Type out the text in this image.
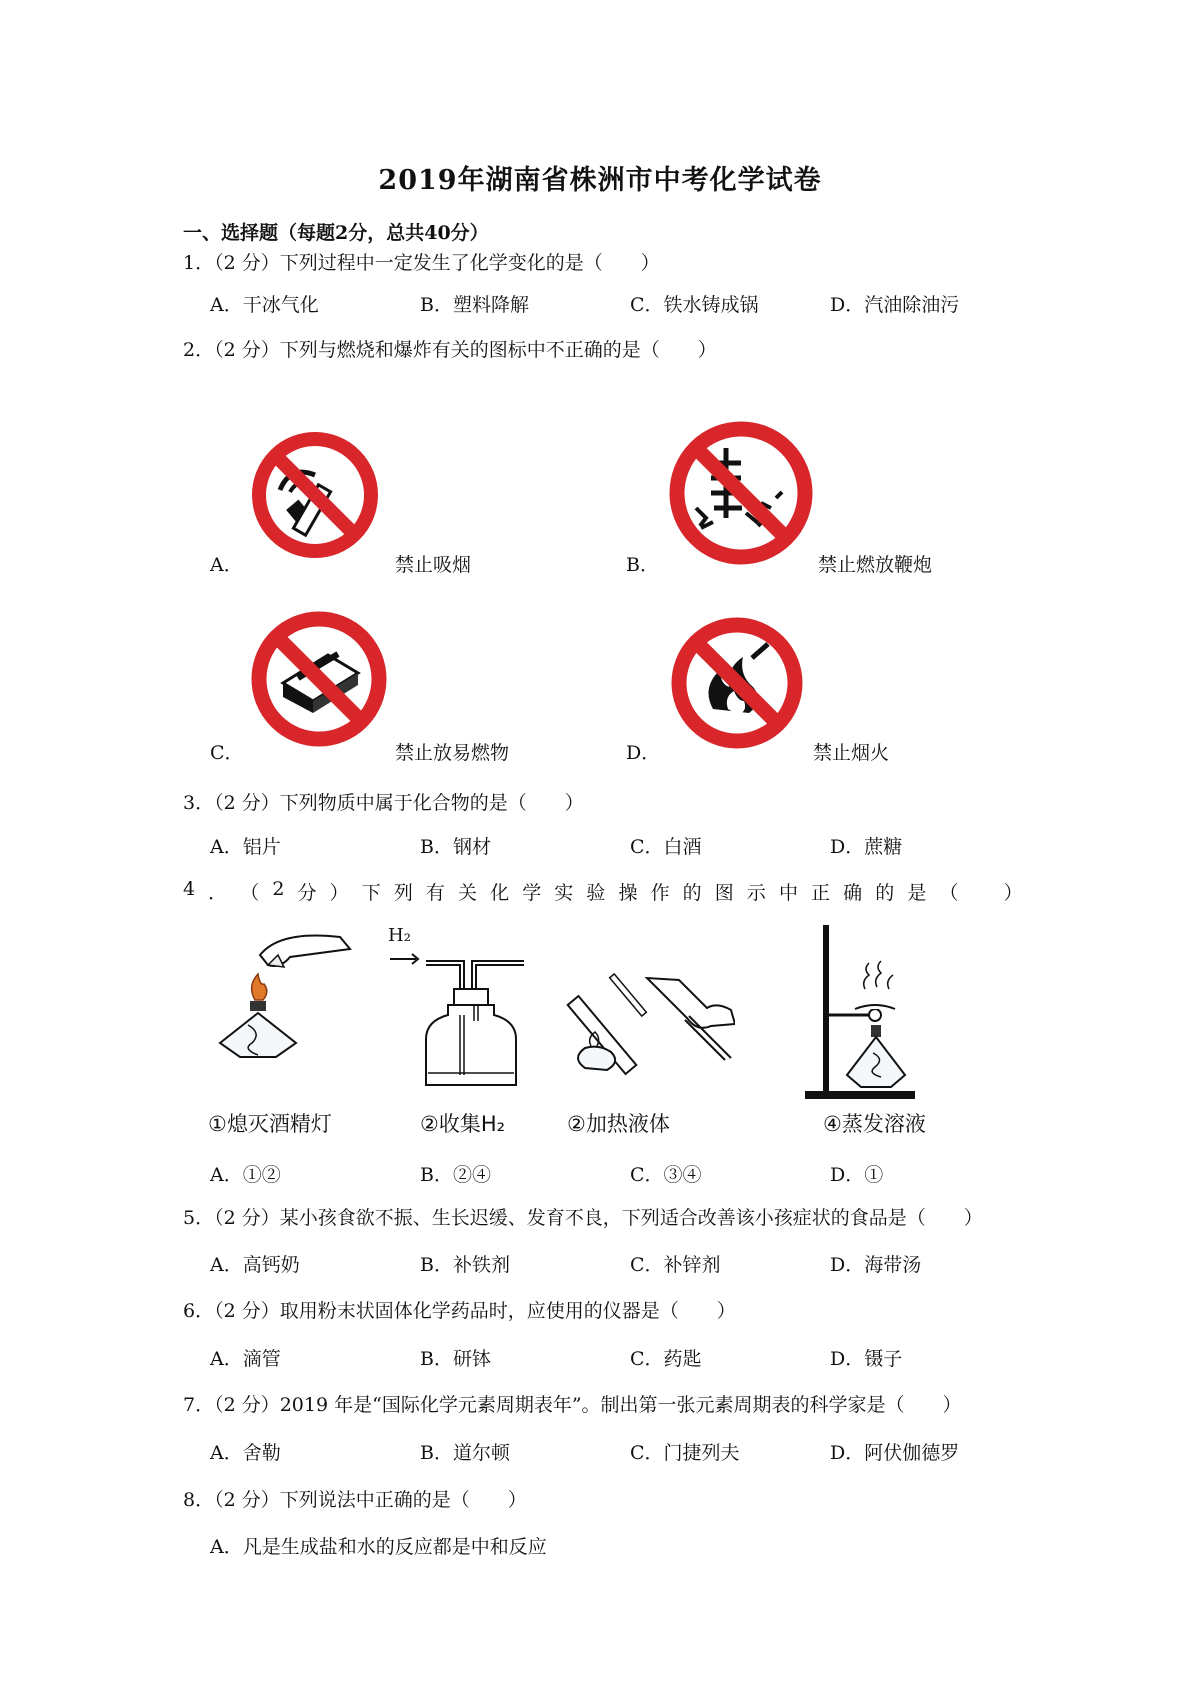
2019年湖南省株洲市中考化学试卷
一、选择题（每题2分，总共40分）
1．（2 分）下列过程中一定发生了化学变化的是（　　）
A．干冰气化	B．塑料降解	C．铁水铸成锅	D．汽油除油污
2．（2 分）下列与燃烧和爆炸有关的图标中不正确的是（　　）
A．	禁止吸烟	B．	禁止燃放鞭炮
C．	禁止放易燃物	D．	禁止烟火
3．（2 分）下列物质中属于化合物的是（　　）
A．铝片	B．钢材	C．白酒	D．蔗糖
4 ． （ 2 分 ） 下 列 有 关 化 学 实 验 操 作 的 图 示 中 正 确 的 是 （
　 ）
①熄灭酒精灯
H₂
②收集H₂	②加热液体	④蒸发溶液
A．①②	B．②④	C．③④	D．①
5．（2 分）某小孩食欲不振、生长迟缓、发育不良，下列适合改善该小孩症状的食品是（　　）
A．高钙奶	B．补铁剂	C．补锌剂	D．海带汤
6．（2 分）取用粉末状固体化学药品时，应使用的仪器是（　　）
A．滴管	B．研钵	C．药匙	D．镊子
7．（2 分）2019 年是“国际化学元素周期表年”。制出第一张元素周期表的科学家是（　　）
A．舍勒	B．道尔顿	C．门捷列夫	D．阿伏伽德罗
8．（2 分）下列说法中正确的是（　　）
A．凡是生成盐和水的反应都是中和反应
